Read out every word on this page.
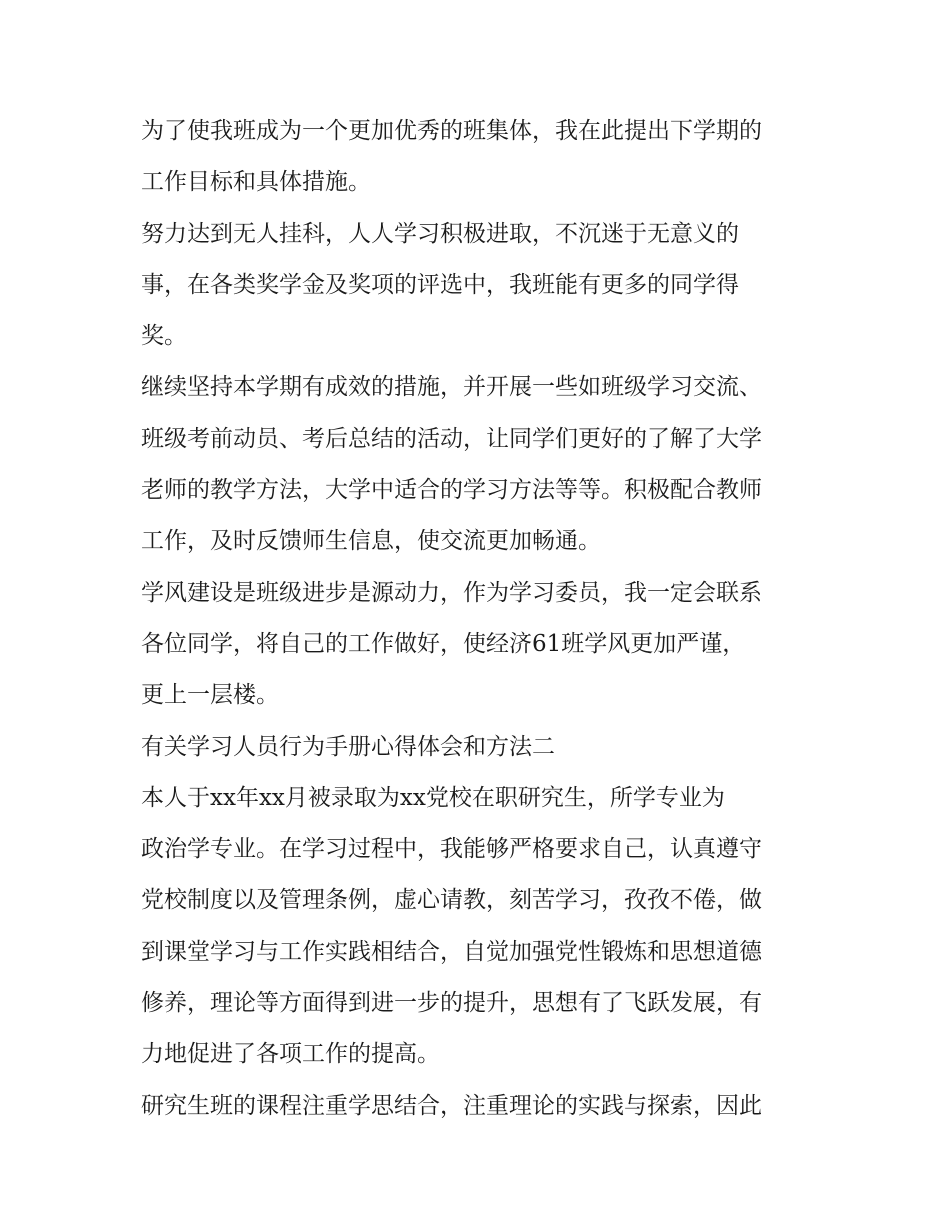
为了使我班成为一个更加优秀的班集体，我在此提出下学期的
工作目标和具体措施。
努力达到无人挂科，人人学习积极进取，不沉迷于无意义的
事，在各类奖学金及奖项的评选中，我班能有更多的同学得
奖。
继续坚持本学期有成效的措施，并开展一些如班级学习交流、
班级考前动员、考后总结的活动，让同学们更好的了解了大学
老师的教学方法，大学中适合的学习方法等等。积极配合教师
工作，及时反馈师生信息，使交流更加畅通。
学风建设是班级进步是源动力，作为学习委员，我一定会联系
各位同学，将自己的工作做好，使经济61班学风更加严谨，
更上一层楼。
有关学习人员行为手册心得体会和方法二
本人于xx年xx月被录取为xx党校在职研究生，所学专业为
政治学专业。在学习过程中，我能够严格要求自己，认真遵守
党校制度以及管理条例，虚心请教，刻苦学习，孜孜不倦，做
到课堂学习与工作实践相结合，自觉加强党性锻炼和思想道德
修养，理论等方面得到进一步的提升，思想有了飞跃发展，有
力地促进了各项工作的提高。
研究生班的课程注重学思结合，注重理论的实践与探索，因此
